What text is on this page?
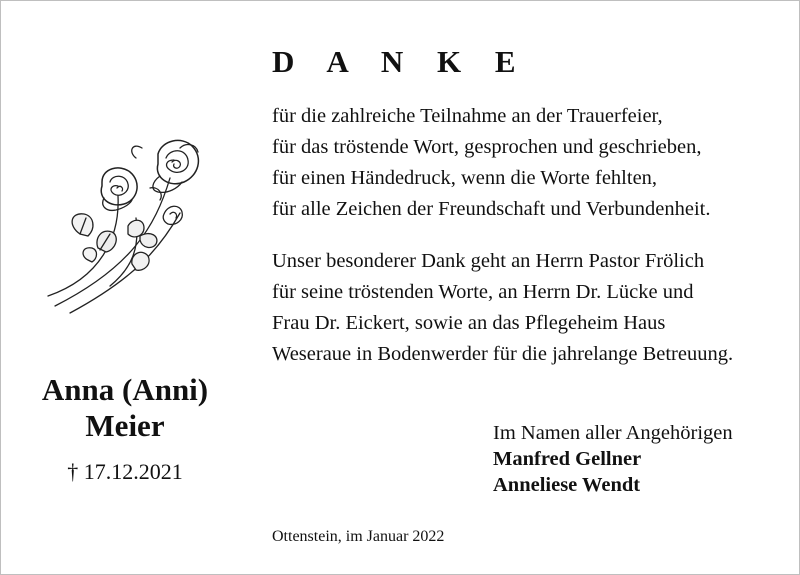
Anna (Anni)
Meier
† 17.12.2021
D A N K E
für die zahlreiche Teilnahme an der Trauerfeier,
für das tröstende Wort, gesprochen und geschrieben,
für einen Händedruck, wenn die Worte fehlten,
für alle Zeichen der Freundschaft und Verbundenheit.
Unser besonderer Dank geht an Herrn Pastor Frölich
für seine tröstenden Worte, an Herrn Dr. Lücke und
Frau Dr. Eickert, sowie an das Pflegeheim Haus
Weseraue in Bodenwerder für die jahrelange Betreuung.
Im Namen aller Angehörigen
Manfred Gellner
Anneliese Wendt
Ottenstein, im Januar 2022
